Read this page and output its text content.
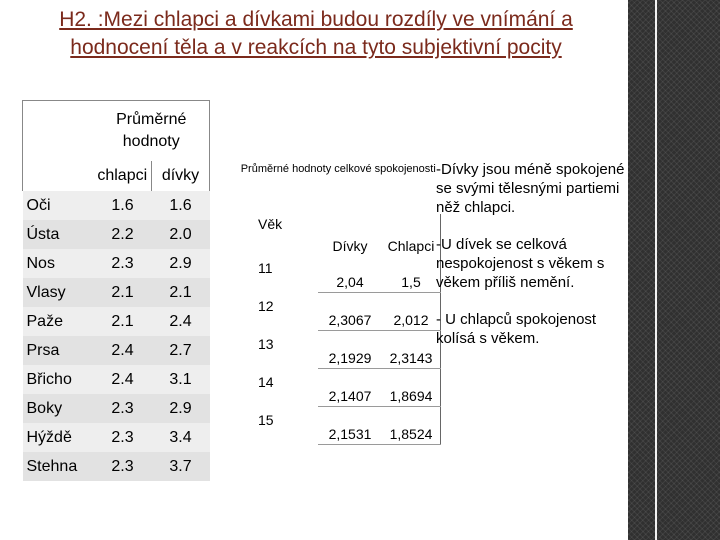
H2. :Mezi chlapci a dívkami budou rozdíly ve vnímání a hodnocení těla a v reakcích na tyto subjektivní pocity
	Průměrné hodnoty	
	chlapci	dívky
Oči	1.6	1.6
Ústa	2.2	2.0
Nos	2.3	2.9
Vlasy	2.1	2.1
Paže	2.1	2.4
Prsa	2.4	2.7
Břicho	2.4	3.1
Boky	2.3	2.9
Hýždě	2.3	3.4
Stehna	2.3	3.7
Průměrné hodnoty celkové spokojenosti		
Věk	Dívky	Chlapci
11	2,04	1,5
12	2,3067	2,012
13	2,1929	2,3143
14	2,1407	1,8694
15	2,1531	1,8524

-Dívky jsou méně spokojené se svými tělesnými partiemi něž chlapci.

-U dívek se celková nespokojenost s věkem s věkem příliš nemění.

- U chlapců spokojenost kolísá s věkem.
